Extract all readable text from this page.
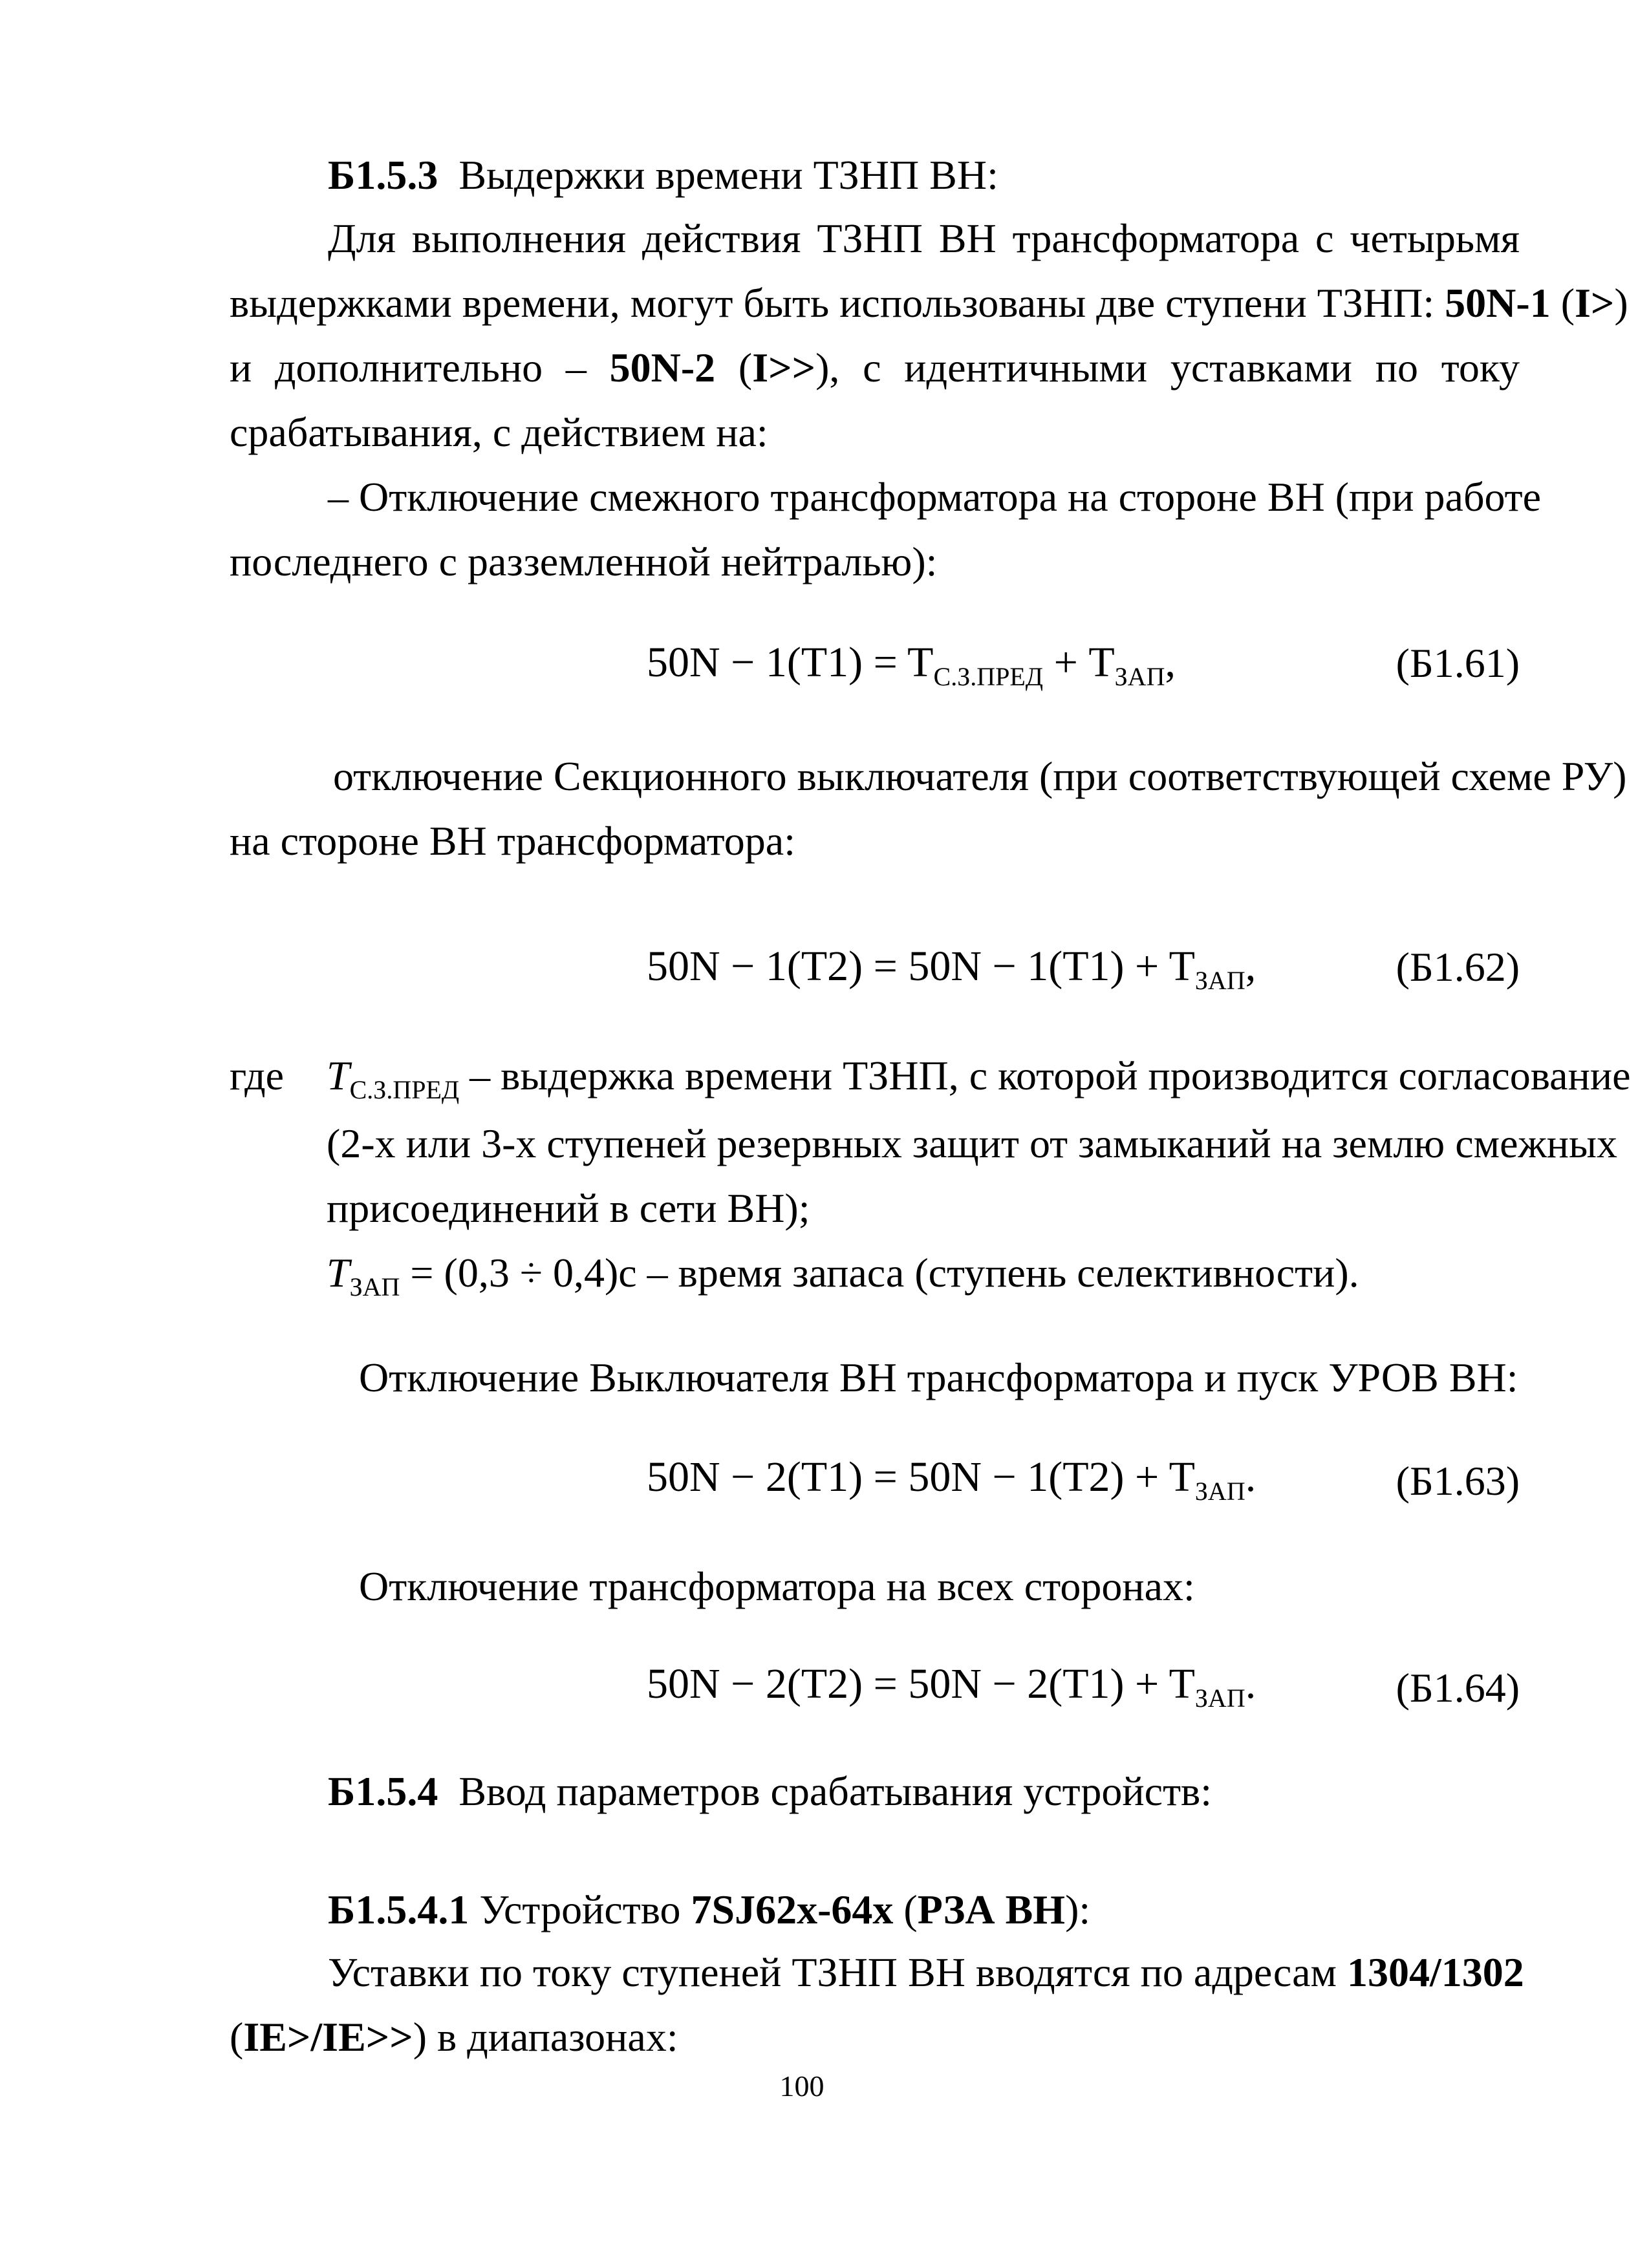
Б1.5.3 Выдержки времени ТЗНП ВН:
Для выполнения действия ТЗНП ВН трансформатора с четырьмя
выдержками времени, могут быть использованы две ступени ТЗНП: 50N-1 (I>)
и дополнительно – 50N-2 (I>>), с идентичными уставками по току
срабатывания, с действием на:
– Отключение смежного трансформатора на стороне ВН (при работе
последнего с разземленной нейтралью):
$50N - 1(T1) = T_{С.З.ПРЕД} + T_{ЗАП}$,	(Б1.61)
отключение Секционного выключателя (при соответствующей схеме РУ)
на стороне ВН трансформатора:
$50N - 1(T2) = 50N - 1(T1) + T_{ЗАП}$,	(Б1.62)
где	$T_{С.З.ПРЕД}$ – выдержка времени ТЗНП, с которой производится согласование
(2-х или 3-х ступеней резервных защит от замыканий на землю смежных
присоединений в сети ВН);
$T_{ЗАП} = (0,3 \div 0,4)с$ – время запаса (ступень селективности).
Отключение Выключателя ВН трансформатора и пуск УРОВ ВН:
$50N - 2(T1) = 50N - 1(T2) + T_{ЗАП}$.	(Б1.63)
Отключение трансформатора на всех сторонах:
$50N - 2(T2) = 50N - 2(T1) + T_{ЗАП}$.	(Б1.64)
Б1.5.4 Ввод параметров срабатывания устройств:
Б1.5.4.1 Устройство 7SJ62x-64x (РЗА ВН):
Уставки по току ступеней ТЗНП ВН вводятся по адресам 1304/1302
(IE>/IE>>) в диапазонах:
100
